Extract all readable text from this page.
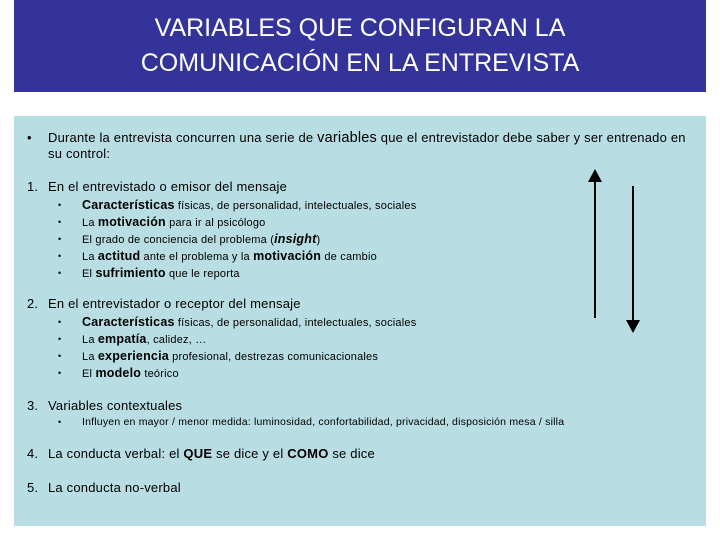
VARIABLES QUE CONFIGURAN LA
COMUNICACIÓN EN LA ENTREVISTA
• Durante la entrevista concurren una serie de variables que el entrevistador debe saber y ser entrenado en su control:
1. En el entrevistado o emisor del mensaje
• Características físicas, de personalidad, intelectuales, sociales
• La motivación para ir al psicólogo
• El grado de conciencia del problema (insight)
• La actitud ante el problema y la motivación de cambio
• El sufrimiento que le reporta
2. En el entrevistador o receptor del mensaje
• Características físicas, de personalidad, intelectuales, sociales
• La empatía, calidez, …
• La experiencia profesional, destrezas comunicacionales
• El modelo teórico
3. Variables contextuales
• Influyen en mayor / menor medida: luminosidad, confortabilidad, privacidad, disposición mesa / silla
4. La conducta verbal: el QUE se dice y el COMO se dice
5. La conducta no-verbal
